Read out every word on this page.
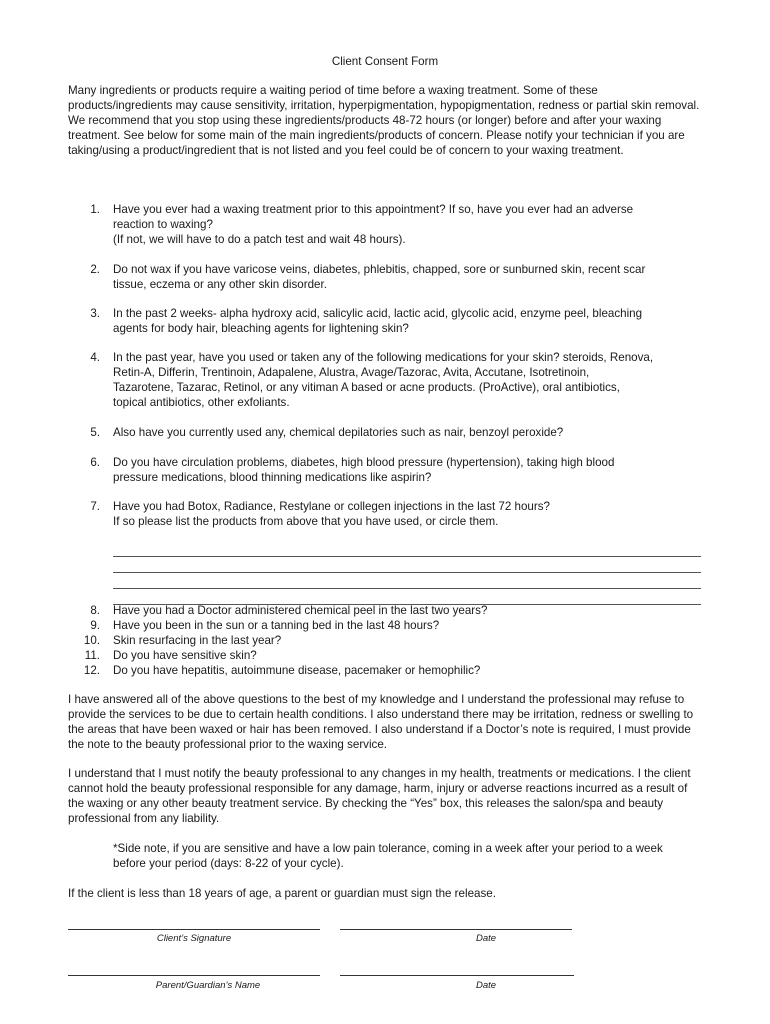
Client Consent Form

Many ingredients or products require a waiting period of time before a waxing treatment. Some of these products/ingredients may cause sensitivity, irritation, hyperpigmentation, hypopigmentation, redness or partial skin removal. We recommend that you stop using these ingredients/products 48-72 hours (or longer) before and after your waxing treatment. See below for some main of the main ingredients/products of concern. Please notify your technician if you are taking/using a product/ingredient that is not listed and you feel could be of concern to your waxing treatment.

1. Have you ever had a waxing treatment prior to this appointment? If so, have you ever had an adverse
reaction to waxing?
(If not, we will have to do a patch test and wait 48 hours).
2. Do not wax if you have varicose veins, diabetes, phlebitis, chapped, sore or sunburned skin, recent scar
tissue, eczema or any other skin disorder.
3. In the past 2 weeks- alpha hydroxy acid, salicylic acid, lactic acid, glycolic acid, enzyme peel, bleaching
agents for body hair, bleaching agents for lightening skin?
4. In the past year, have you used or taken any of the following medications for your skin? steroids, Renova,
Retin-A, Differin, Trentinoin, Adapalene, Alustra, Avage/Tazorac, Avita, Accutane, Isotretinoin,
Tazarotene, Tazarac, Retinol, or any vitiman A based or acne products. (ProActive), oral antibiotics,
topical antibiotics, other exfoliants.
5. Also have you currently used any, chemical depilatories such as nair, benzoyl peroxide?
6. Do you have circulation problems, diabetes, high blood pressure (hypertension), taking high blood
pressure medications, blood thinning medications like aspirin?
7. Have you had Botox, Radiance, Restylane or collegen injections in the last 72 hours?
If so please list the products from above that you have used, or circle them.
8. Have you had a Doctor administered chemical peel in the last two years?
9. Have you been in the sun or a tanning bed in the last 48 hours?
10. Skin resurfacing in the last year?
11. Do you have sensitive skin?
12. Do you have hepatitis, autoimmune disease, pacemaker or hemophilic?

I have answered all of the above questions to the best of my knowledge and I understand the professional may refuse to provide the services to be due to certain health conditions. I also understand there may be irritation, redness or swelling to the areas that have been waxed or hair has been removed. I also understand if a Doctor’s note is required, I must provide the note to the beauty professional prior to the waxing service.

I understand that I must notify the beauty professional to any changes in my health, treatments or medications. I the client cannot hold the beauty professional responsible for any damage, harm, injury or adverse reactions incurred as a result of the waxing or any other beauty treatment service. By checking the “Yes” box, this releases the salon/spa and beauty professional from any liability.

*Side note, if you are sensitive and have a low pain tolerance, coming in a week after your period to a week before your period (days: 8-22 of your cycle).

If the client is less than 18 years of age, a parent or guardian must sign the release.

Client’s Signature	Date
Parent/Guardian’s Name	Date
